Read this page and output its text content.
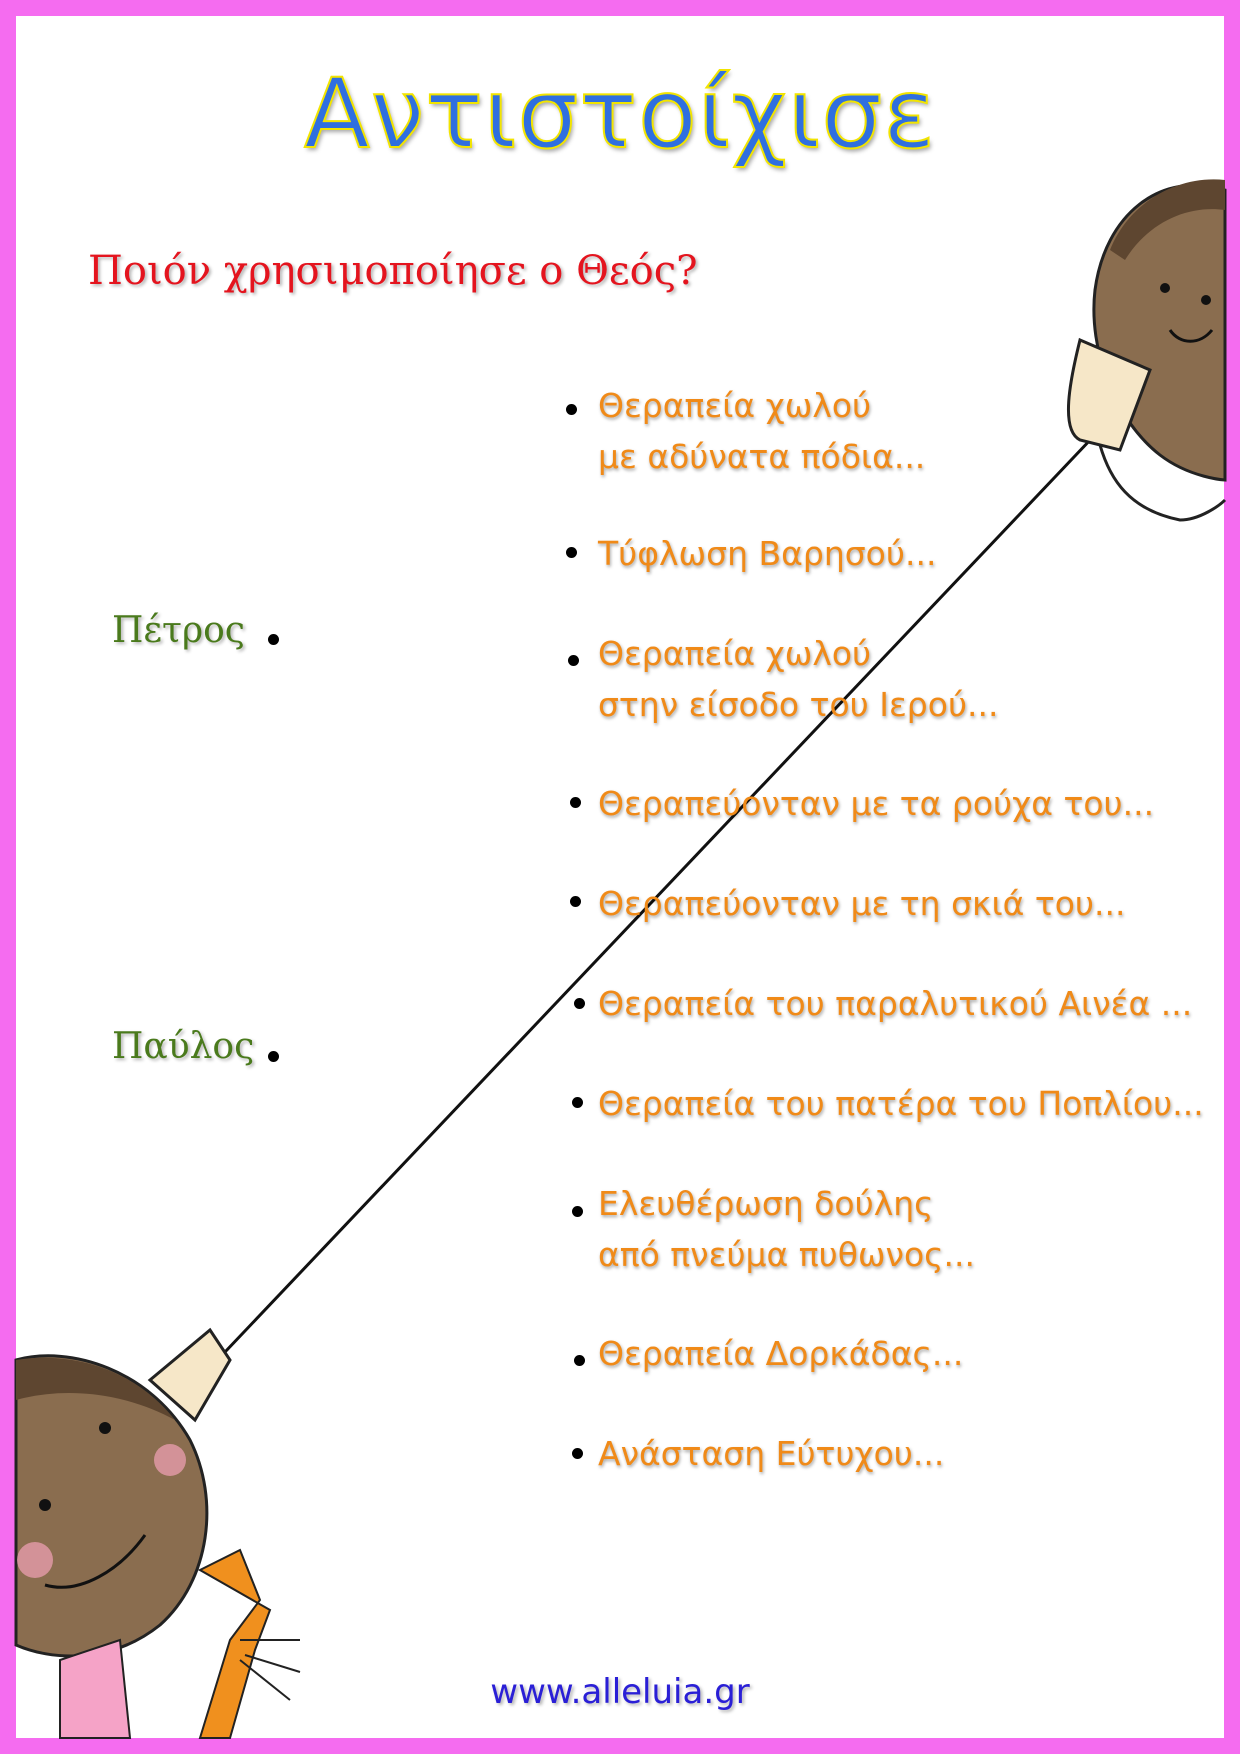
Αντιστοίχισε
Ποιόν χρησιμοποίησε ο Θεός?
Πέτρος
Παύλος
Θεραπεία χωλού
με αδύνατα πόδια...
Τύφλωση Βαρησού...
Θεραπεία χωλού
στην είσοδο του Ιερού...
Θεραπεύονταν με τα ρούχα του...
Θεραπεύονταν με τη σκιά του...
Θεραπεία του παραλυτικού Αινέα ...
Θεραπεία του πατέρα του Ποπλίου...
Ελευθέρωση δούλης
από πνεύμα πυθωνος...
Θεραπεία Δορκάδας...
Ανάσταση Εύτυχου...
www.alleluia.gr
